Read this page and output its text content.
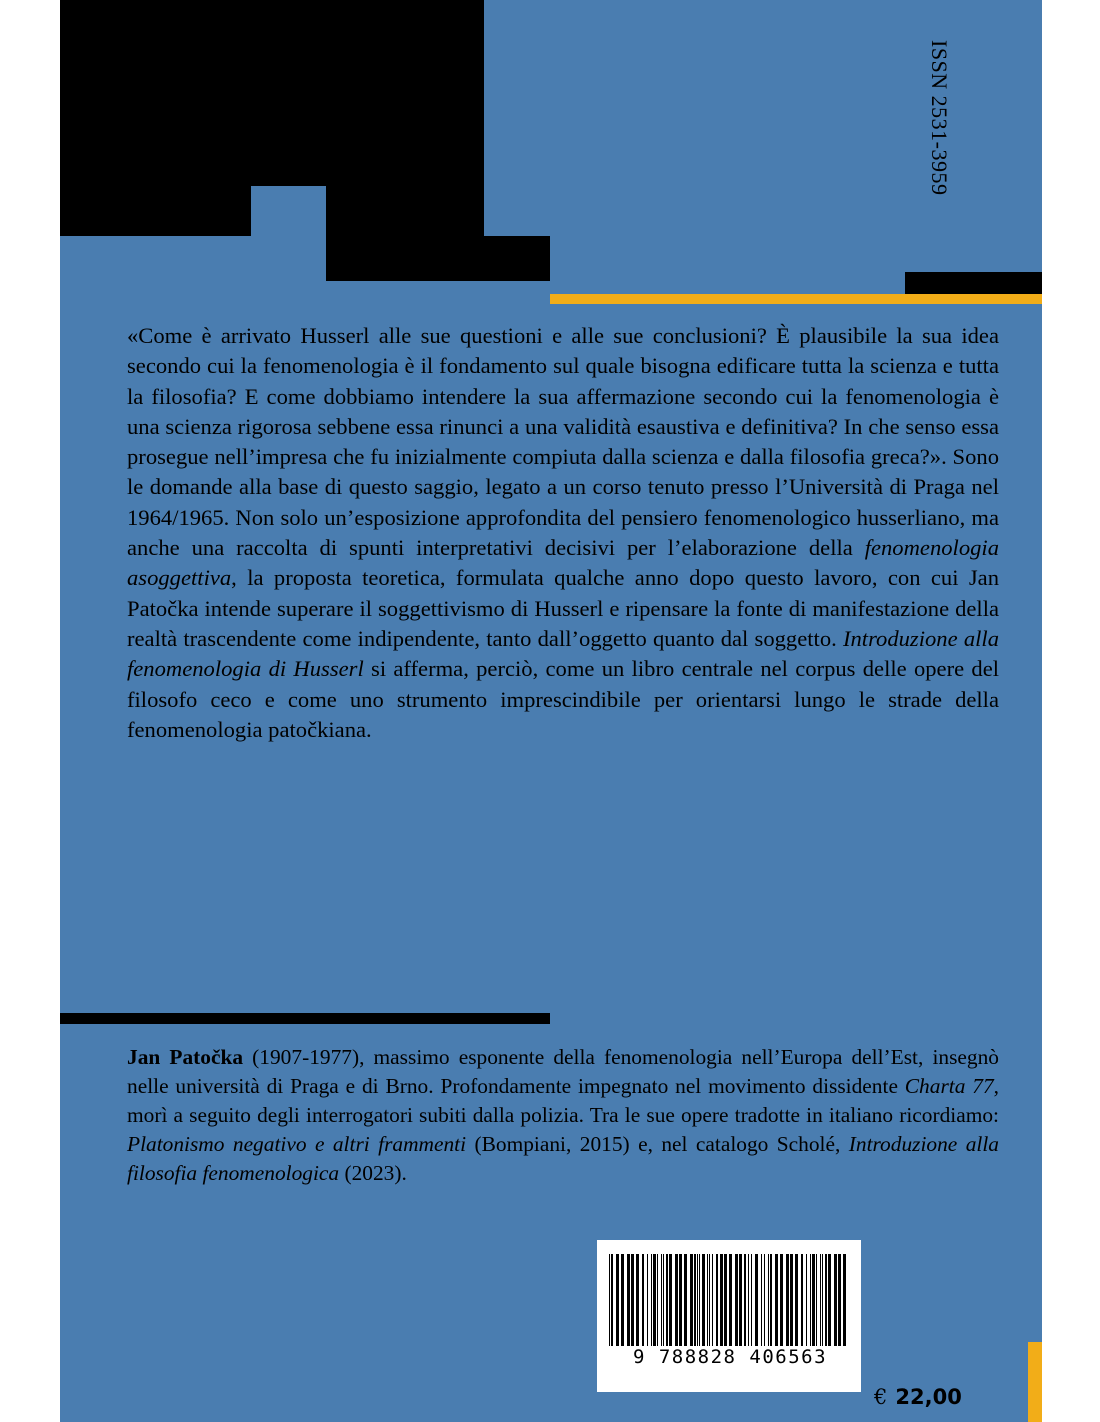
ISSN 2531-3959

«Come è arrivato Husserl alle sue questioni e alle sue conclusioni? È plausibile la sua idea secondo cui la fenomenologia è il fondamento sul quale bisogna edificare tutta la scienza e tutta la filosofia? E come dobbiamo intendere la sua affermazione secondo cui la fenomenologia è una scienza rigorosa sebbene essa rinunci a una validità esaustiva e definitiva? In che senso essa prosegue nell’impresa che fu inizialmente compiuta dalla scienza e dalla filosofia greca?». Sono le domande alla base di questo saggio, legato a un corso tenuto presso l’Università di Praga nel 1964/1965. Non solo un’esposizione approfondita del pensiero fenomenologico husserliano, ma anche una raccolta di spunti interpretativi decisivi per l’elaborazione della fenomenologia asoggettiva, la proposta teoretica, formulata qualche anno dopo questo lavoro, con cui Jan Patočka intende superare il soggettivismo di Husserl e ripensare la fonte di manifestazione della realtà trascendente come indipendente, tanto dall’oggetto quanto dal soggetto. Introduzione alla fenomenologia di Husserl si afferma, perciò, come un libro centrale nel corpus delle opere del filosofo ceco e come uno strumento imprescindibile per orientarsi lungo le strade della fenomenologia patočkiana.

Jan Patočka (1907-1977), massimo esponente della fenomenologia nell’Europa dell’Est, insegnò nelle università di Praga e di Brno. Profondamente impegnato nel movimento dissidente Charta 77, morì a seguito degli interrogatori subiti dalla polizia. Tra le sue opere tradotte in italiano ricordiamo: Platonismo negativo e altri frammenti (Bompiani, 2015) e, nel catalogo Scholé, Introduzione alla filosofia fenomenologica (2023).

9 788828 406563
€ 22,00
